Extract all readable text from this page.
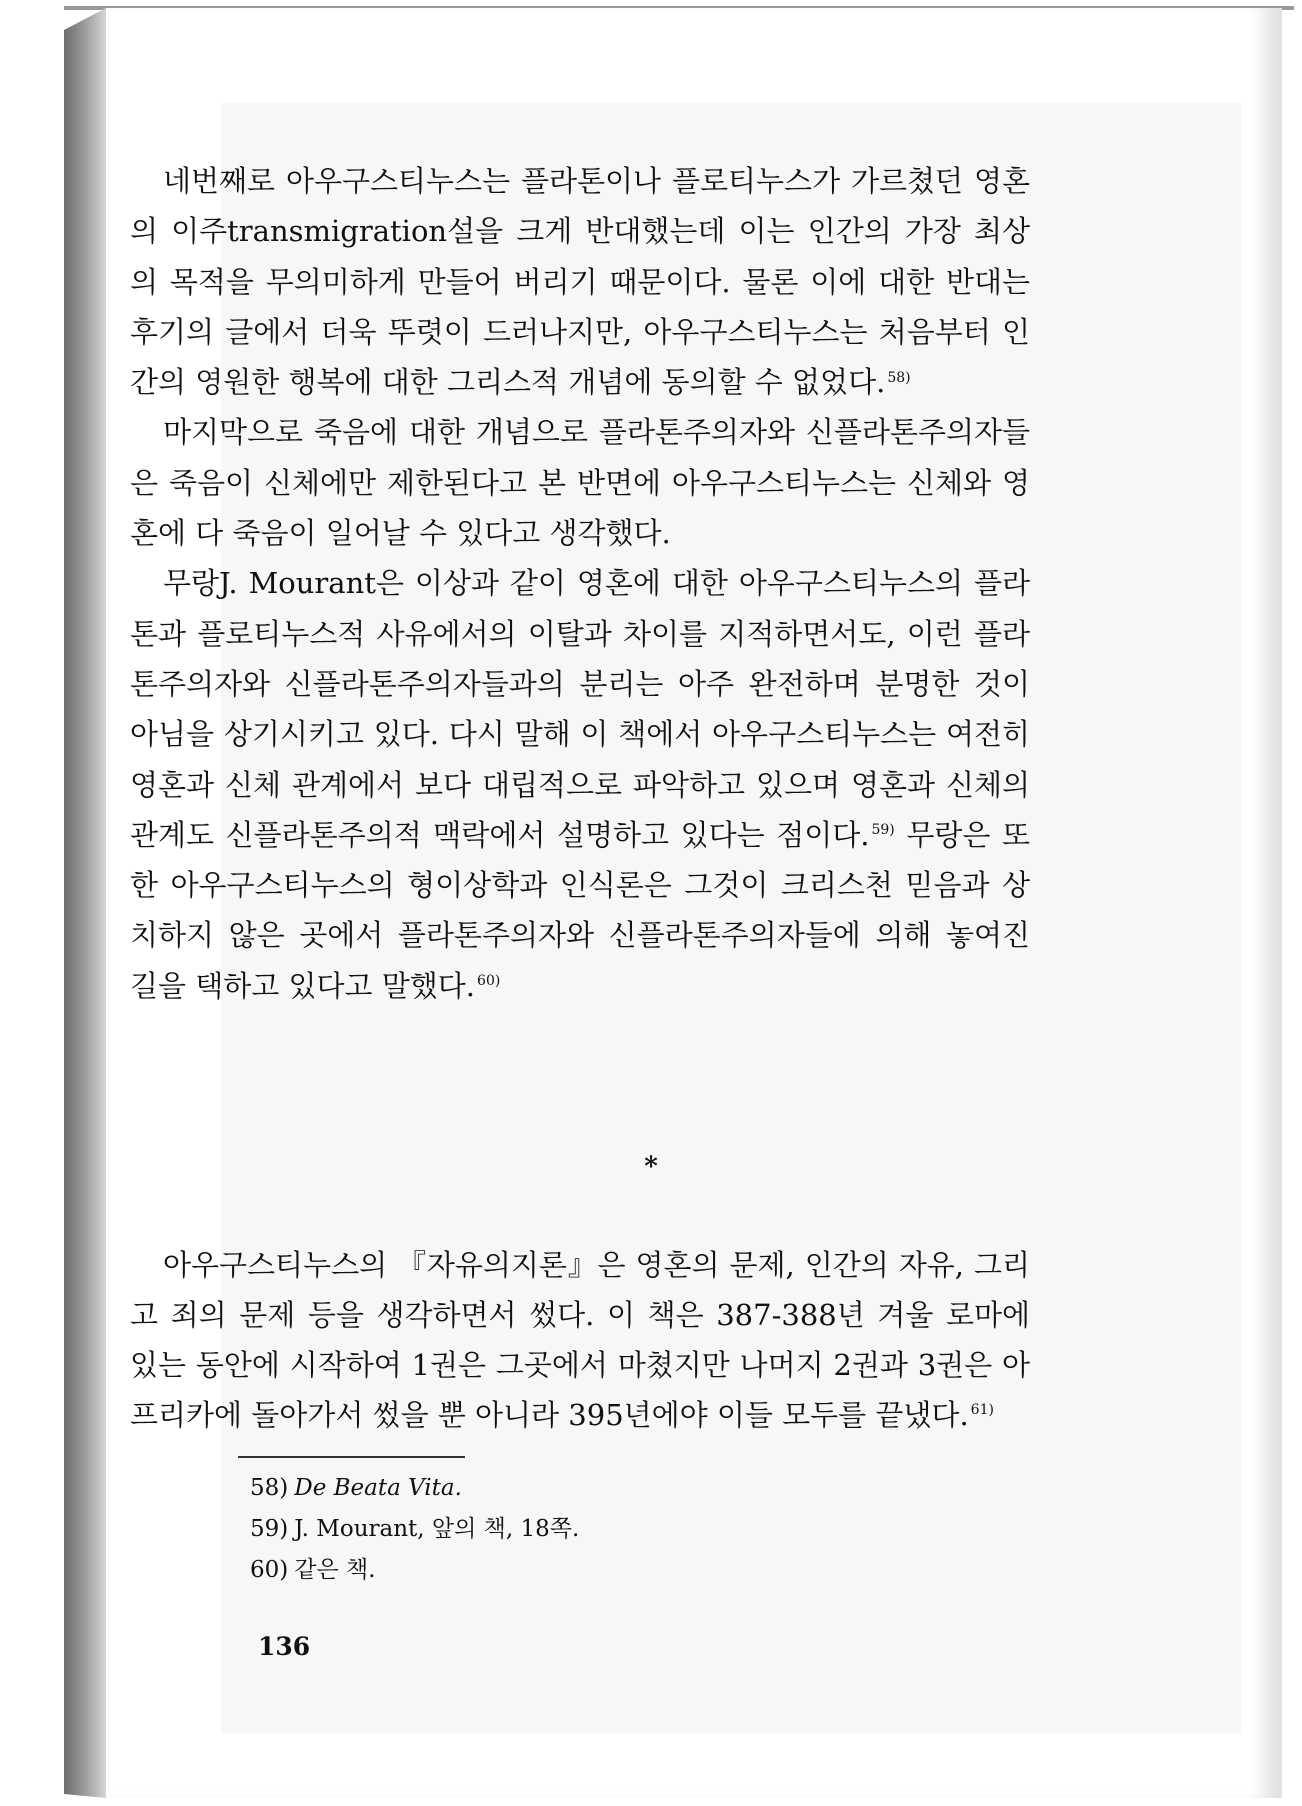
네번째로 아우구스티누스는 플라톤이나 플로티누스가 가르쳤던 영혼의 이주transmigration설을 크게 반대했는데 이는 인간의 가장 최상의 목적을 무의미하게 만들어 버리기 때문이다. 물론 이에 대한 반대는 후기의 글에서 더욱 뚜렷이 드러나지만, 아우구스티누스는 처음부터 인간의 영원한 행복에 대한 그리스적 개념에 동의할 수 없었다. $^{58)}$

마지막으로 죽음에 대한 개념으로 플라톤주의자와 신플라톤주의자들은 죽음이 신체에만 제한된다고 본 반면에 아우구스티누스는 신체와 영혼에 다 죽음이 일어날 수 있다고 생각했다.

무랑J. Mourant은 이상과 같이 영혼에 대한 아우구스티누스의 플라톤과 플로티누스적 사유에서의 이탈과 차이를 지적하면서도, 이런 플라톤주의자와 신플라톤주의자들과의 분리는 아주 완전하며 분명한 것이 아님을 상기시키고 있다. 다시 말해 이 책에서 아우구스티누스는 여전히 영혼과 신체 관계에서 보다 대립적으로 파악하고 있으며 영혼과 신체의 관계도 신플라톤주의적 맥락에서 설명하고 있다는 점이다. $^{59)}$ 무랑은 또한 아우구스티누스의 형이상학과 인식론은 그것이 크리스천 믿음과 상치하지 않은 곳에서 플라톤주의자와 신플라톤주의자들에 의해 놓여진 길을 택하고 있다고 말했다. $^{60)}$

*

아우구스티누스의 『자유의지론』은 영혼의 문제, 인간의 자유, 그리고 죄의 문제 등을 생각하면서 썼다. 이 책은 387-388년 겨울 로마에 있는 동안에 시작하여 1권은 그곳에서 마쳤지만 나머지 2권과 3권은 아프리카에 돌아가서 썼을 뿐 아니라 395년에야 이들 모두를 끝냈다. $^{61)}$

58) De Beata Vita.
59) J. Mourant, 앞의 책, 18쪽.
60) 같은 책.
136
